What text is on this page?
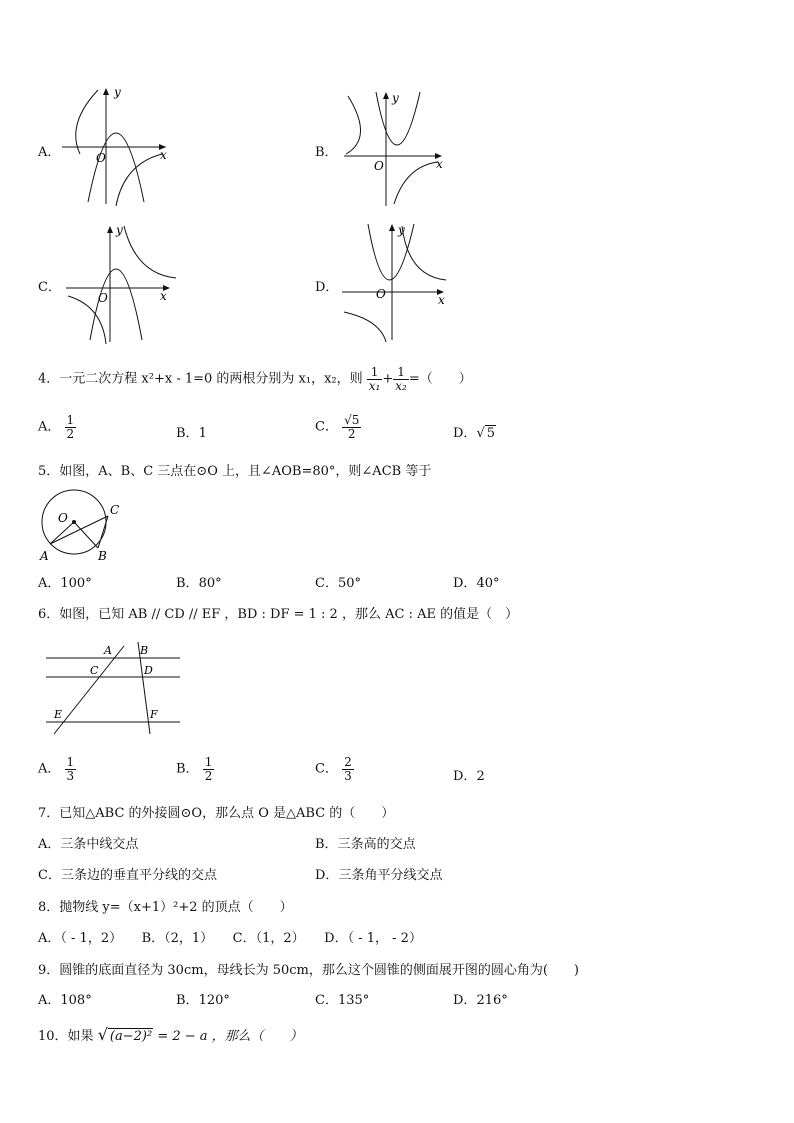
A．
y
x
O	B．
y
x
O
C．
y
x
O
D．
y
x
O
4．一元二次方程 x²+x - 1=0 的两根分别为 x₁，x₂，则 $\frac{1}{\text{x₁}} + \frac{1}{\text{x₂}}$ =（　　）
A． $\frac{1}{2}$	B．1	C． $\frac{√5}{2}$	D．√ 5
5．如图，A、B、C 三点在⊙O 上，且∠AOB=80°，则∠ACB 等于
O
C
A	B
A．100°	B．80°	C．50°	D．40°
6．如图，已知 AB // CD // EF ，BD : DF = 1 : 2 ，那么 AC : AE 的值是（　）
A	B
C	D
E	F
A． $\frac{1}{3}$	B． $\frac{1}{2}$	C． $\frac{2}{3}$	D．2
7．已知△ABC 的外接圆⊙O，那么点 O 是△ABC 的（　　）
A．三条中线交点	B．三条高的交点
C．三条边的垂直平分线的交点	D．三条角平分线交点
8．抛物线 y=（x+1）²+2 的顶点（　　）
A．（ - 1，2）　　B．（2，1）　　C．（1，2）　　D．（ - 1， - 2）
9．圆锥的底面直径为 30cm，母线长为 50cm，那么这个圆锥的侧面展开图的圆心角为(　　)
A．108°	B．120°	C．135°	D．216°
10．如果 √ (a−2)² = 2 − a ，那么（　　）
